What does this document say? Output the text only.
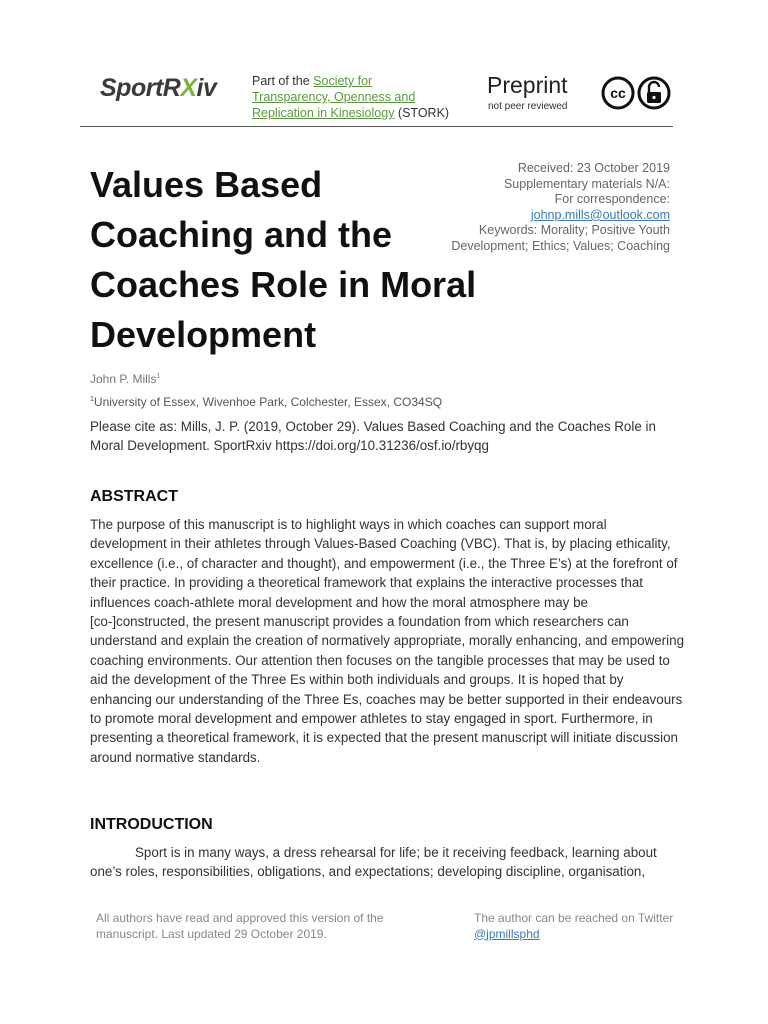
SportRXiv	Part of the Society for Transparency, Openness and Replication in Kinesiology (STORK)
Preprint
not peer reviewed
cc
Values Based Coaching and the Coaches Role in Moral Development
Received: 23 October 2019
Supplementary materials N/A:
For correspondence:
johnp.mills@outlook.com
Keywords: Morality; Positive Youth Development; Ethics; Values; Coaching
John P. Mills$^1$
$^1$University of Essex, Wivenhoe Park, Colchester, Essex, CO34SQ
Please cite as: Mills, J. P. (2019, October 29). Values Based Coaching and the Coaches Role in Moral Development. SportRxiv https://doi.org/10.31236/osf.io/rbyqg
ABSTRACT
The purpose of this manuscript is to highlight ways in which coaches can support moral development in their athletes through Values-Based Coaching (VBC). That is, by placing ethicality, excellence (i.e., of character and thought), and empowerment (i.e., the Three E’s) at the forefront of their practice. In providing a theoretical framework that explains the interactive processes that influences coach-athlete moral development and how the moral atmosphere may be [co-]constructed, the present manuscript provides a foundation from which researchers can understand and explain the creation of normatively appropriate, morally enhancing, and empowering coaching environments. Our attention then focuses on the tangible processes that may be used to aid the development of the Three Es within both individuals and groups. It is hoped that by enhancing our understanding of the Three Es, coaches may be better supported in their endeavours to promote moral development and empower athletes to stay engaged in sport. Furthermore, in presenting a theoretical framework, it is expected that the present manuscript will initiate discussion around normative standards.
INTRODUCTION
Sport is in many ways, a dress rehearsal for life; be it receiving feedback, learning about one’s roles, responsibilities, obligations, and expectations; developing discipline, organisation,
All authors have read and approved this version of the manuscript. Last updated 29 October 2019.
The author can be reached on Twitter @jpmillsphd
